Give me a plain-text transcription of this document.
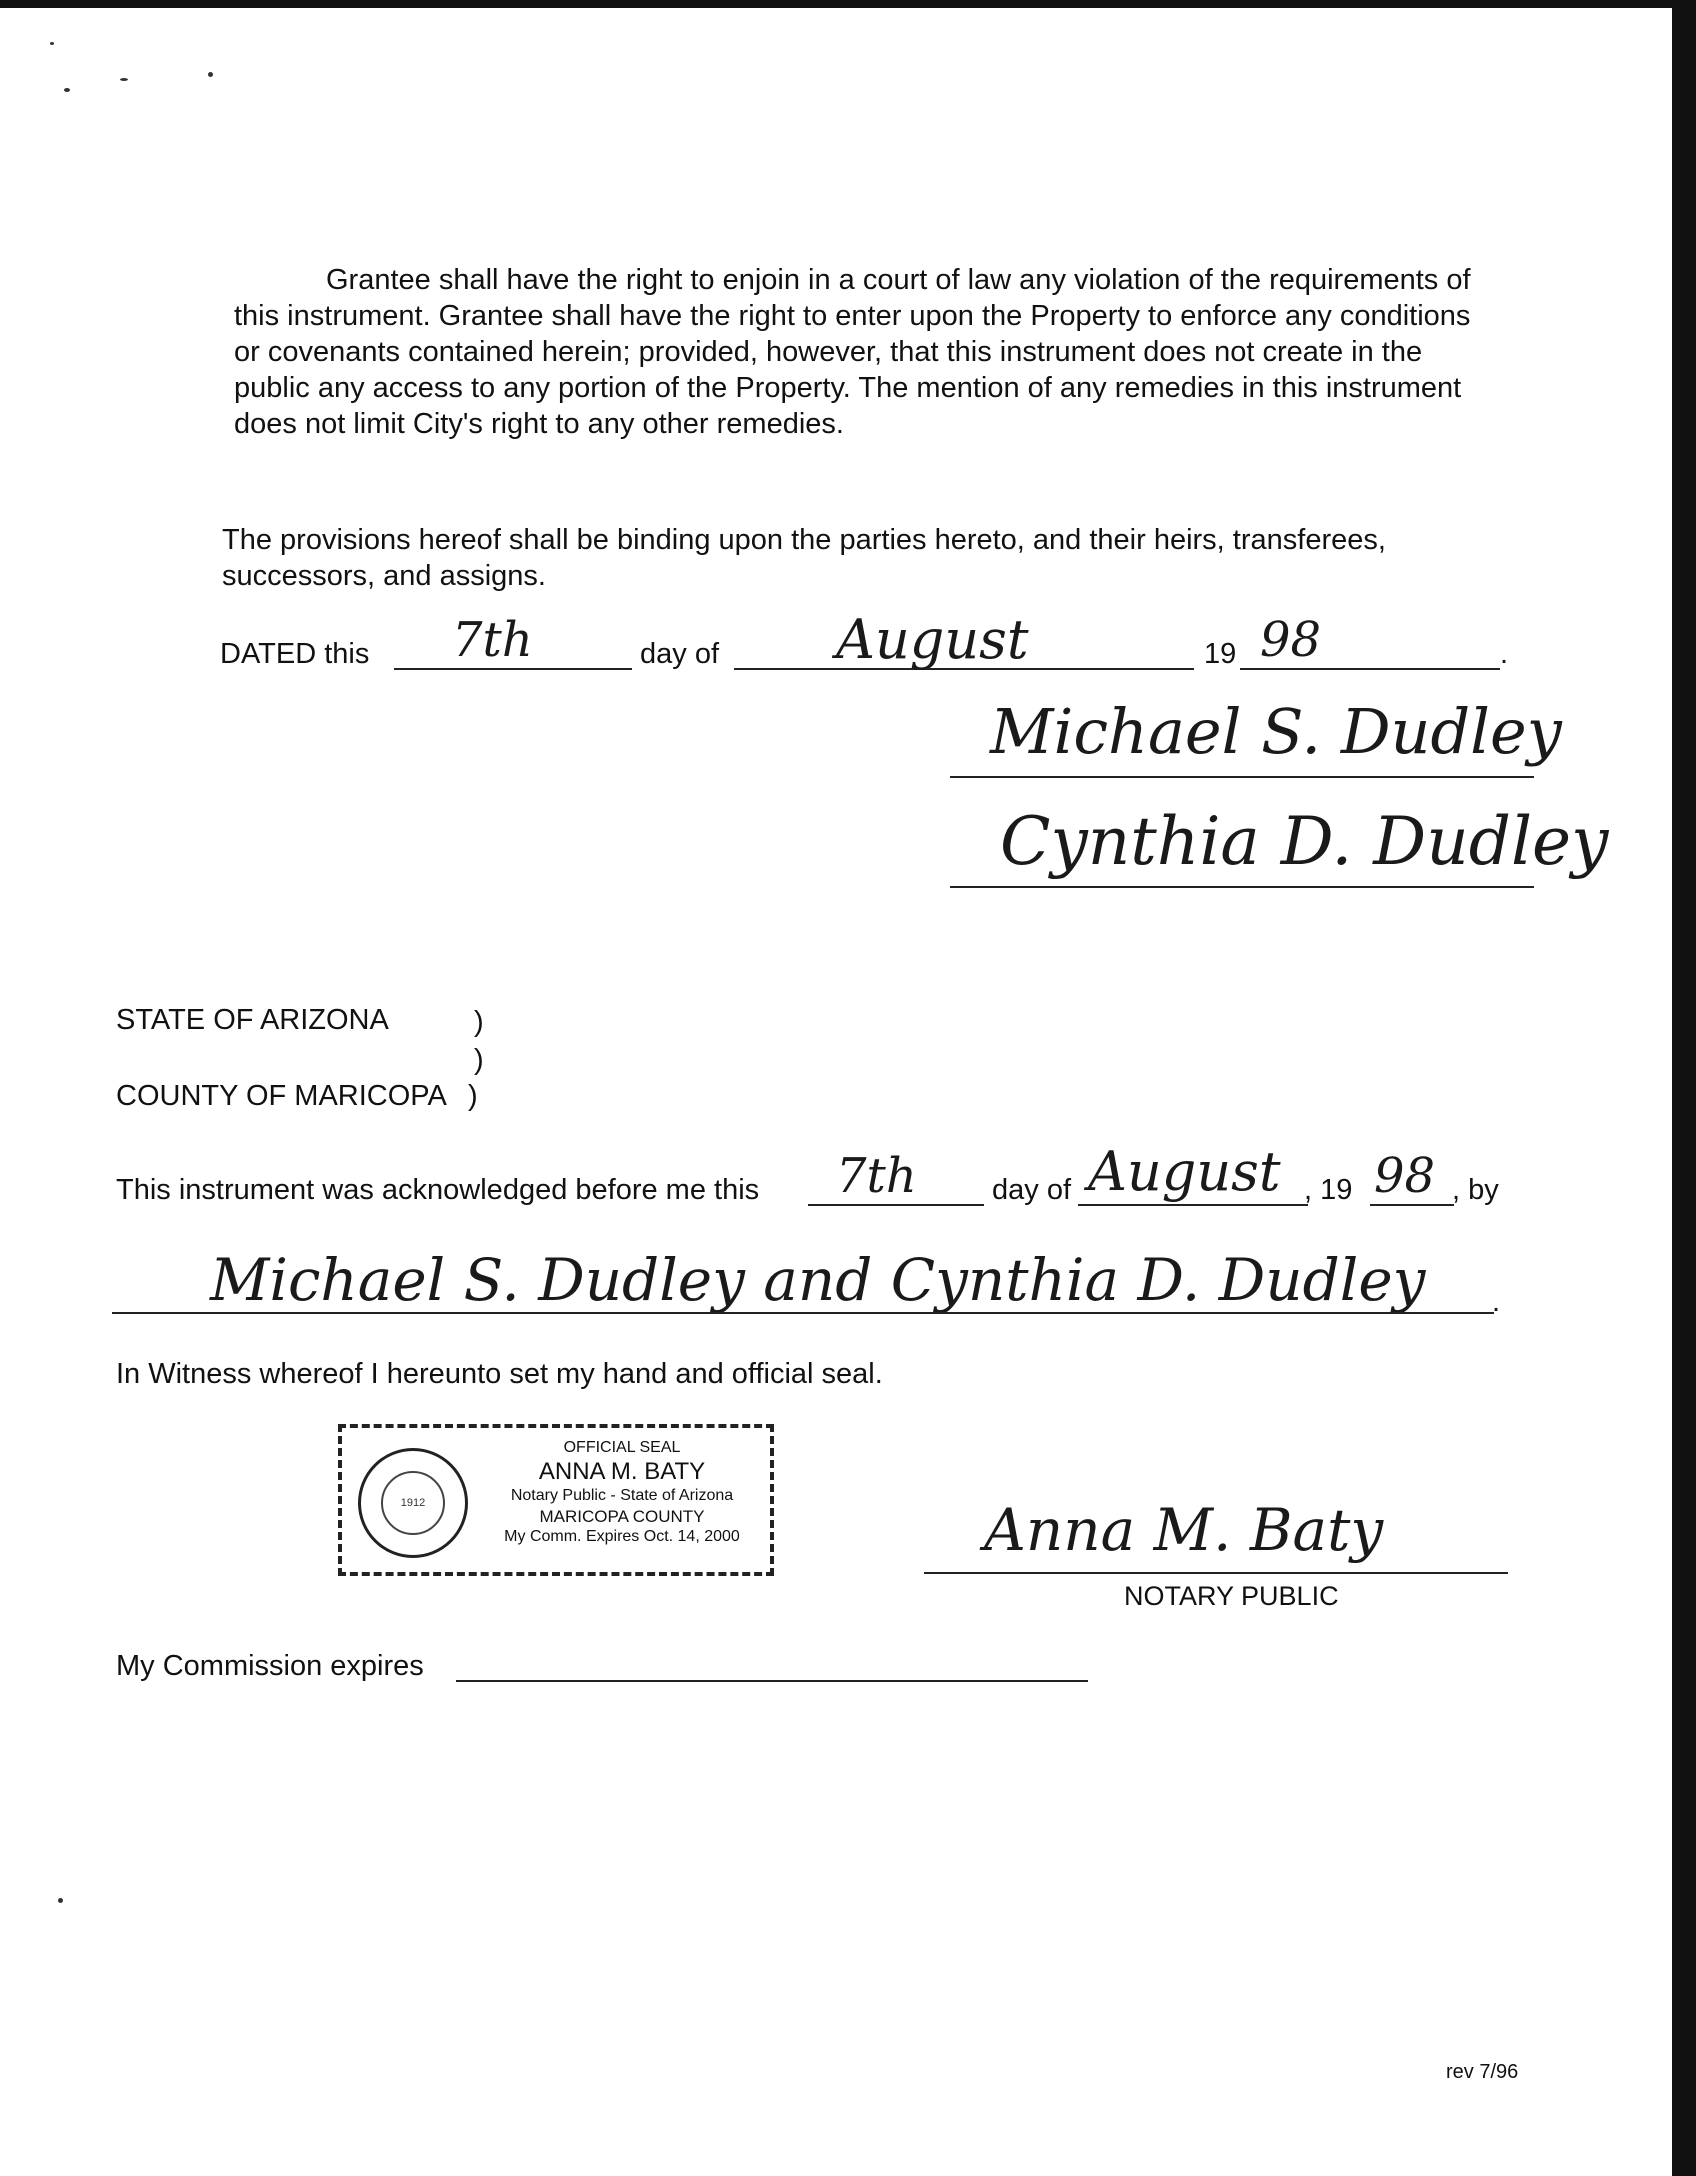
Grantee shall have the right to enjoin in a court of law any violation of the requirements of this instrument. Grantee shall have the right to enter upon the Property to enforce any conditions or covenants contained herein; provided, however, that this instrument does not create in the public any access to any portion of the Property. The mention of any remedies in this instrument does not limit City's right to any other remedies.
The provisions hereof shall be binding upon the parties hereto, and their heirs, transferees, successors, and assigns.
DATED this 7th	day of August	19 98	.
Michael S. Dudley
Cynthia D. Dudley
STATE OF ARIZONA	)
)
COUNTY OF MARICOPA )
This instrument was acknowledged before me this 7th	day of August , 19 98 , by
Michael S. Dudley and Cynthia D. Dudley .
In Witness whereof I hereunto set my hand and official seal.
1912
OFFICIAL SEAL
ANNA M. BATY
Notary Public - State of Arizona
MARICOPA COUNTY
My Comm. Expires Oct. 14, 2000	Anna M. Baty
NOTARY PUBLIC
My Commission expires
rev 7/96
